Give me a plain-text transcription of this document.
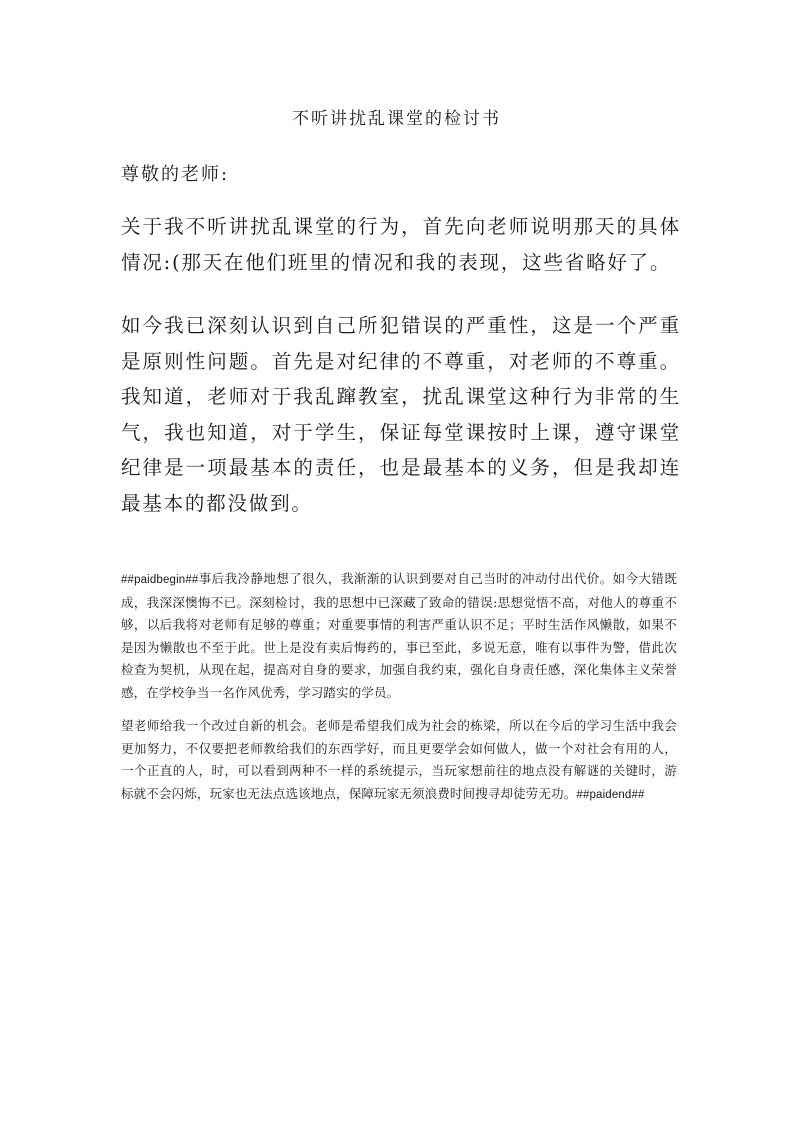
不听讲扰乱课堂的检讨书
尊敬的老师:

关于我不听讲扰乱课堂的行为，首先向老师说明那天的具体情况:(那天在他们班里的情况和我的表现，这些省略好了。

如今我已深刻认识到自己所犯错误的严重性，这是一个严重是原则性问题。首先是对纪律的不尊重，对老师的不尊重。我知道，老师对于我乱蹿教室，扰乱课堂这种行为非常的生气，我也知道，对于学生，保证每堂课按时上课，遵守课堂纪律是一项最基本的责任，也是最基本的义务，但是我却连最基本的都没做到。

##paidbegin##事后我冷静地想了很久，我渐渐的认识到要对自己当时的冲动付出代价。如今大错既成，我深深懊悔不已。深刻检讨，我的思想中已深藏了致命的错误:思想觉悟不高，对他人的尊重不够，以后我将对老师有足够的尊重；对重要事情的利害严重认识不足；平时生活作风懒散，如果不是因为懒散也不至于此。世上是没有卖后悔药的，事已至此，多说无意，唯有以事件为警，借此次检查为契机，从现在起，提高对自身的要求，加强自我约束，强化自身责任感，深化集体主义荣誉感，在学校争当一名作风优秀，学习踏实的学员。

望老师给我一个改过自新的机会。老师是希望我们成为社会的栋梁，所以在今后的学习生活中我会更加努力，不仅要把老师教给我们的东西学好，而且更要学会如何做人，做一个对社会有用的人，一个正直的人，时，可以看到两种不一样的系统提示，当玩家想前往的地点没有解谜的关键时，游标就不会闪烁，玩家也无法点选该地点，保障玩家无须浪费时间搜寻却徒劳无功。##paidend##
